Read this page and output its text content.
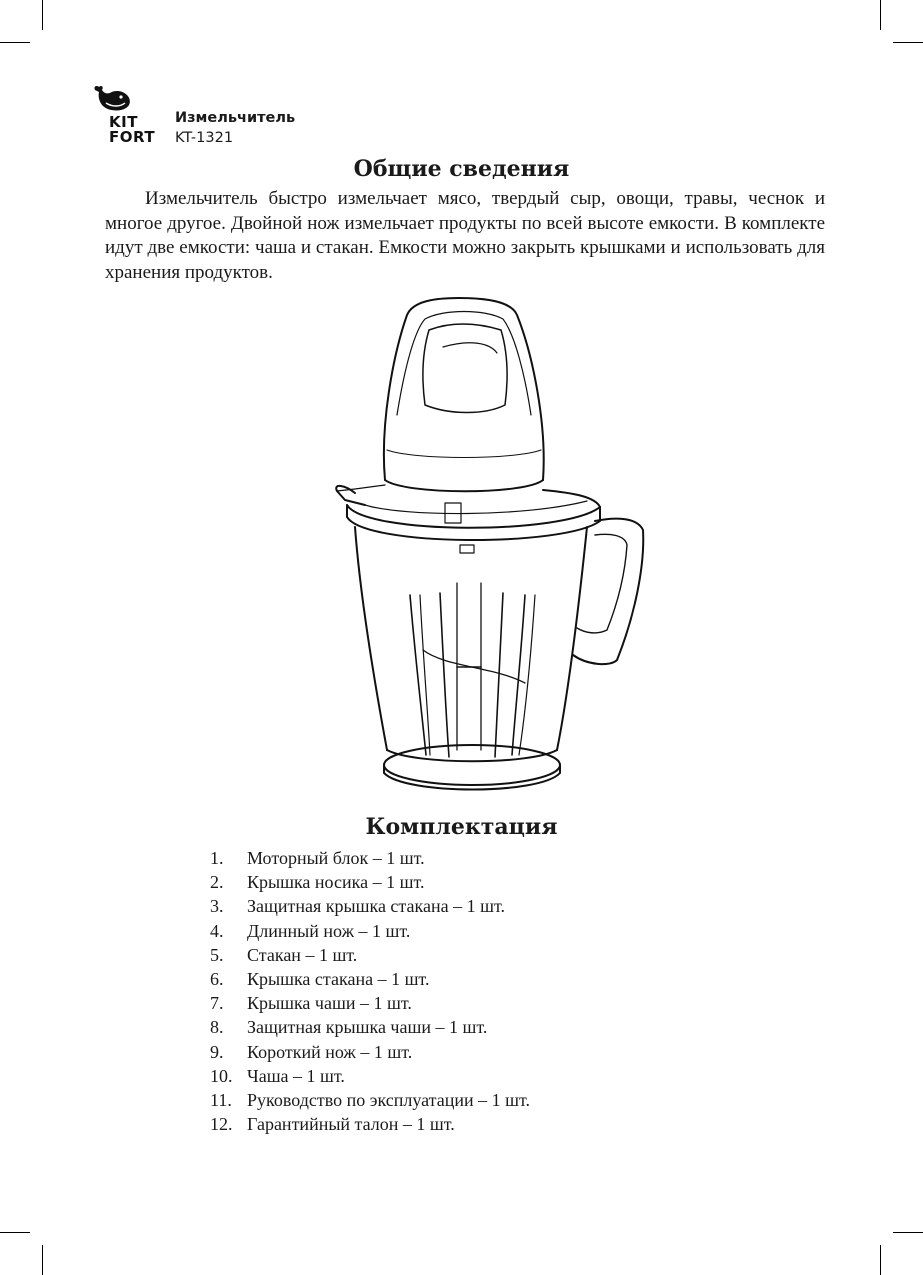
KIT
FORT
Измельчитель
KT-1321
Общие сведения

Измельчитель быстро измельчает мясо, твердый сыр, овощи, травы, чеснок и многое другое. Двойной нож измельчает продукты по всей высоте емкости. В комплекте идут две емкости: чаша и стакан. Емкости можно закрыть крышками и использовать для хранения продуктов.

Комплектация
1. Моторный блок – 1 шт.
2. Крышка носика – 1 шт.
3. Защитная крышка стакана – 1 шт.
4. Длинный нож – 1 шт.
5. Стакан – 1 шт.
6. Крышка стакана – 1 шт.
7. Крышка чаши – 1 шт.
8. Защитная крышка чаши – 1 шт.
9. Короткий нож – 1 шт.
10. Чаша – 1 шт.
11. Руководство по эксплуатации – 1 шт.
12. Гарантийный талон – 1 шт.
